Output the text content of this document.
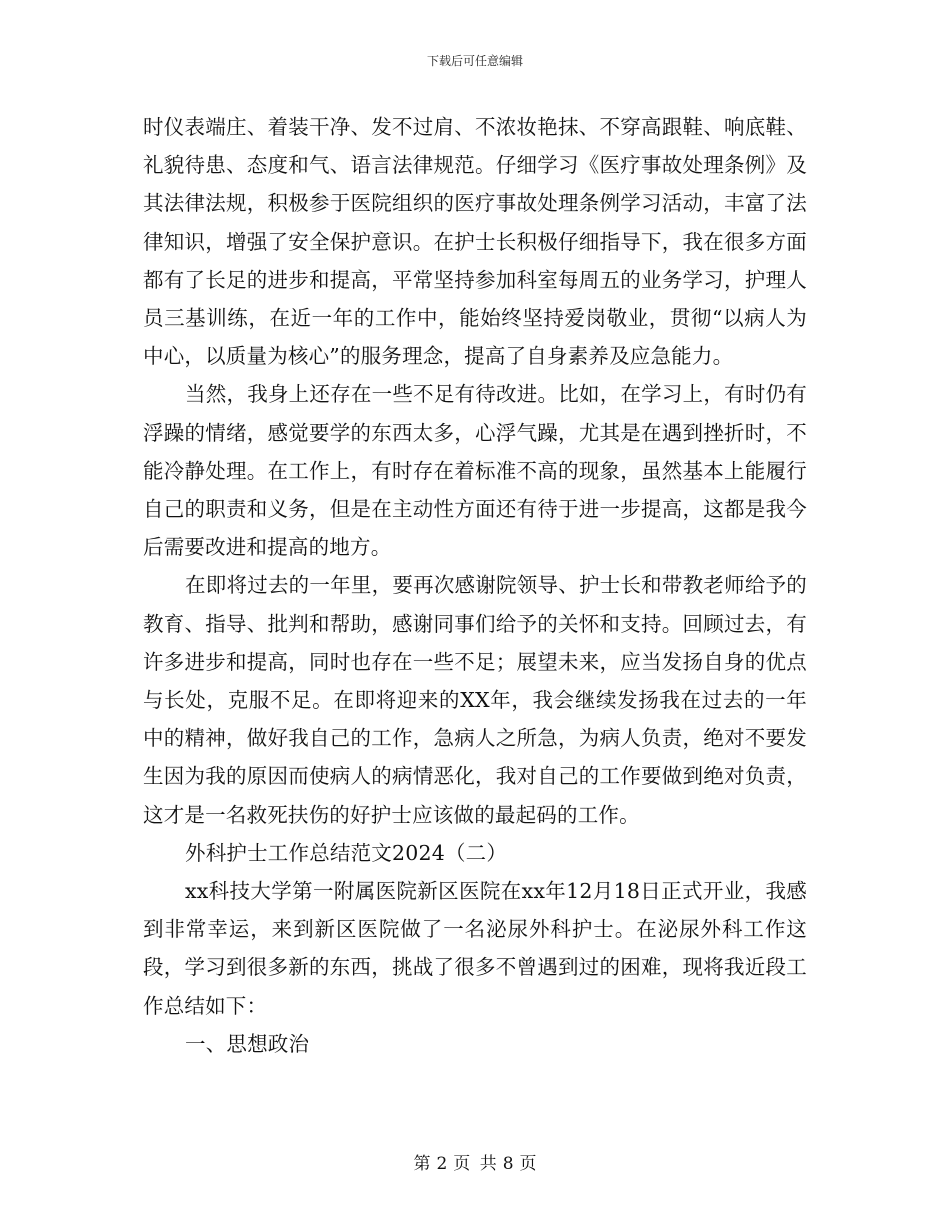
下载后可任意编辑

时仪表端庄、着装干净、发不过肩、不浓妆艳抹、不穿高跟鞋、响底鞋、礼貌待患、态度和气、语言法律规范。仔细学习《医疗事故处理条例》及其法律法规，积极参于医院组织的医疗事故处理条例学习活动，丰富了法律知识，增强了安全保护意识。在护士长积极仔细指导下，我在很多方面都有了长足的进步和提高，平常坚持参加科室每周五的业务学习，护理人员三基训练，在近一年的工作中，能始终坚持爱岗敬业，贯彻“以病人为中心，以质量为核心”的服务理念，提高了自身素养及应急能力。

当然，我身上还存在一些不足有待改进。比如，在学习上，有时仍有浮躁的情绪，感觉要学的东西太多，心浮气躁，尤其是在遇到挫折时，不能冷静处理。在工作上，有时存在着标准不高的现象，虽然基本上能履行自己的职责和义务，但是在主动性方面还有待于进一步提高，这都是我今后需要改进和提高的地方。

在即将过去的一年里，要再次感谢院领导、护士长和带教老师给予的教育、指导、批判和帮助，感谢同事们给予的关怀和支持。回顾过去，有许多进步和提高，同时也存在一些不足；展望未来，应当发扬自身的优点与长处，克服不足。在即将迎来的XX年，我会继续发扬我在过去的一年中的精神，做好我自己的工作，急病人之所急，为病人负责，绝对不要发生因为我的原因而使病人的病情恶化，我对自己的工作要做到绝对负责，这才是一名救死扶伤的好护士应该做的最起码的工作。

外科护士工作总结范文2024（二）

xx科技大学第一附属医院新区医院在xx年12月18日正式开业，我感到非常幸运，来到新区医院做了一名泌尿外科护士。在泌尿外科工作这段，学习到很多新的东西，挑战了很多不曾遇到过的困难，现将我近段工作总结如下：

一、思想政治

第 2 页 共 8 页
